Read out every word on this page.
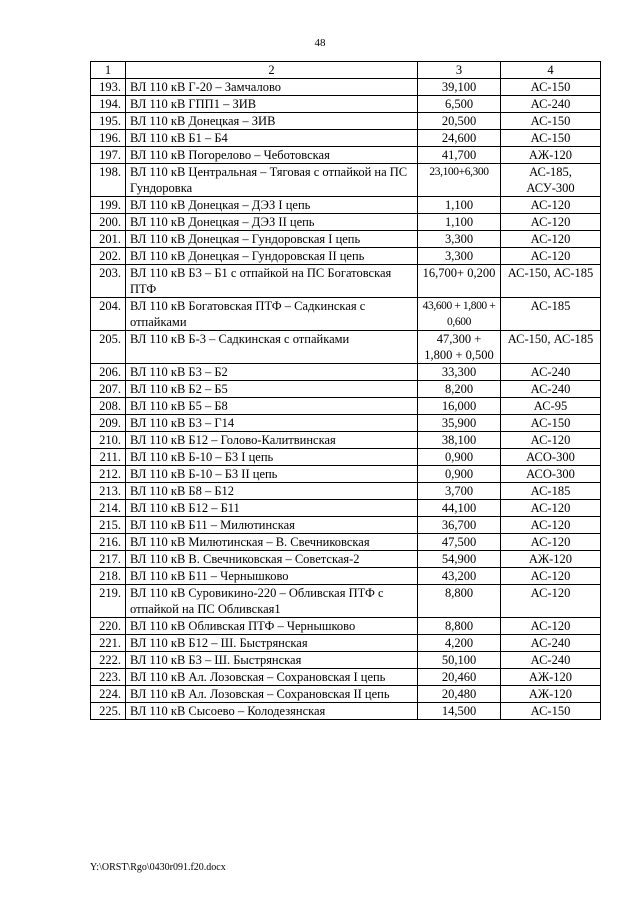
48
1	2	3	4
193.	ВЛ 110 кВ Г-20 – Замчалово	39,100	АС-150
194.	ВЛ 110 кВ ГПП1 – ЗИВ	6,500	АС-240
195.	ВЛ 110 кВ Донецкая – ЗИВ	20,500	АС-150
196.	ВЛ 110 кВ Б1 – Б4	24,600	АС-150
197.	ВЛ 110 кВ Погорелово – Чеботовская	41,700	АЖ-120
198.	ВЛ 110 кВ Центральная – Тяговая с отпайкой на ПС Гундоровка	23,100+6,300	АС-185, АСУ-300
199.	ВЛ 110 кВ Донецкая – ДЭЗ I цепь	1,100	АС-120
200.	ВЛ 110 кВ Донецкая – ДЭЗ II цепь	1,100	АС-120
201.	ВЛ 110 кВ Донецкая – Гундоровская I цепь	3,300	АС-120
202.	ВЛ 110 кВ Донецкая – Гундоровская II цепь	3,300	АС-120
203.	ВЛ 110 кВ Б3 – Б1 с отпайкой на ПС Богатовская ПТФ	16,700+ 0,200	АС-150, АС-185
204.	ВЛ 110 кВ Богатовская ПТФ – Садкинская с отпайками	43,600 + 1,800 + 0,600	АС-185
205.	ВЛ 110 кВ Б-3 – Садкинская с отпайками	47,300 + 1,800 + 0,500	АС-150, АС-185
206.	ВЛ 110 кВ Б3 – Б2	33,300	АС-240
207.	ВЛ 110 кВ Б2 – Б5	8,200	АС-240
208.	ВЛ 110 кВ Б5 – Б8	16,000	АС-95
209.	ВЛ 110 кВ Б3 – Г14	35,900	АС-150
210.	ВЛ 110 кВ Б12 – Голово-Калитвинская	38,100	АС-120
211.	ВЛ 110 кВ Б-10 – Б3 I цепь	0,900	АСО-300
212.	ВЛ 110 кВ Б-10 – Б3 II цепь	0,900	АСО-300
213.	ВЛ 110 кВ Б8 – Б12	3,700	АС-185
214.	ВЛ 110 кВ Б12 – Б11	44,100	АС-120
215.	ВЛ 110 кВ Б11 – Милютинская	36,700	АС-120
216.	ВЛ 110 кВ Милютинская – В. Свечниковская	47,500	АС-120
217.	ВЛ 110 кВ В. Свечниковская – Советская-2	54,900	АЖ-120
218.	ВЛ 110 кВ Б11 – Чернышково	43,200	АС-120
219.	ВЛ 110 кВ Суровикино-220 – Обливская ПТФ с отпайкой на ПС Обливская1	8,800	АС-120
220.	ВЛ 110 кВ Обливская ПТФ – Чернышково	8,800	АС-120
221.	ВЛ 110 кВ Б12 – Ш. Быстрянская	4,200	АС-240
222.	ВЛ 110 кВ Б3 – Ш. Быстрянская	50,100	АС-240
223.	ВЛ 110 кВ Ал. Лозовская – Сохрановская I цепь	20,460	АЖ-120
224.	ВЛ 110 кВ Ал. Лозовская – Сохрановская II цепь	20,480	АЖ-120
225.	ВЛ 110 кВ Сысоево – Колодезянская	14,500	АС-150
Y:\ORST\Rgo\0430r091.f20.docx
